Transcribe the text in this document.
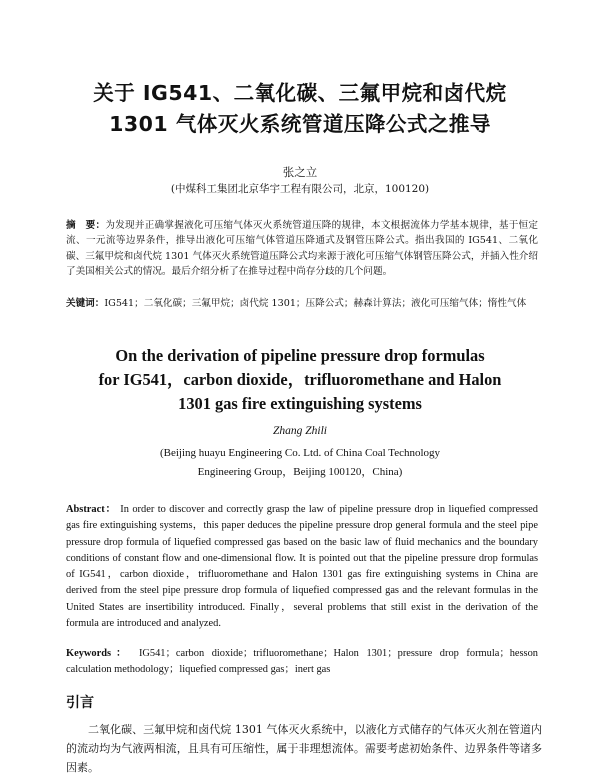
关于 IG541、二氧化碳、三氟甲烷和卤代烷
1301 气体灭火系统管道压降公式之推导
张之立
(中煤科工集团北京华宇工程有限公司，北京，100120)
摘　要：为发现并正确掌握液化可压缩气体灭火系统管道压降的规律，本文根据流体力学基本规律，基于恒定流、一元流等边界条件，推导出液化可压缩气体管道压降通式及钢管压降公式。指出我国的 IG541、二氧化碳、三氟甲烷和卤代烷 1301 气体灭火系统管道压降公式均来源于液化可压缩气体钢管压降公式，并插入性介绍了美国相关公式的情况。最后介绍分析了在推导过程中尚存分歧的几个问题。
关键词：IG541；二氧化碳；三氟甲烷；卤代烷 1301；压降公式；赫森计算法；液化可压缩气体；惰性气体
On the derivation of pipeline pressure drop formulas
for IG541，carbon dioxide，trifluoromethane and Halon
1301 gas fire extinguishing systems
Zhang Zhili
(Beijing huayu Engineering Co. Ltd. of China Coal Technology
Engineering Group，Beijing 100120，China)
Abstract： In order to discover and correctly grasp the law of pipeline pressure drop in liquefied compressed gas fire extinguishing systems，this paper deduces the pipeline pressure drop general formula and the steel pipe pressure drop formula of liquefied compressed gas based on the basic law of fluid mechanics and the boundary conditions of constant flow and one-dimensional flow. It is pointed out that the pipeline pressure drop formulas of IG541，carbon dioxide，trifluoromethane and Halon 1301 gas fire extinguishing systems in China are derived from the steel pipe pressure drop formula of liquefied compressed gas and the relevant formulas in the United States are insertibility introduced. Finally，several problems that still exist in the derivation of the formula are introduced and analyzed.
Keywords： IG541；carbon dioxide；trifluoromethane；Halon 1301；pressure drop formula；hesson calculation methodology；liquefied compressed gas；inert gas
引言
二氧化碳、三氟甲烷和卤代烷 1301 气体灭火系统中，以液化方式储存的气体灭火剂在管道内的流动均为气液两相流，且具有可压缩性，属于非理想流体。需要考虑初始条件、边界条件等诸多因素。
